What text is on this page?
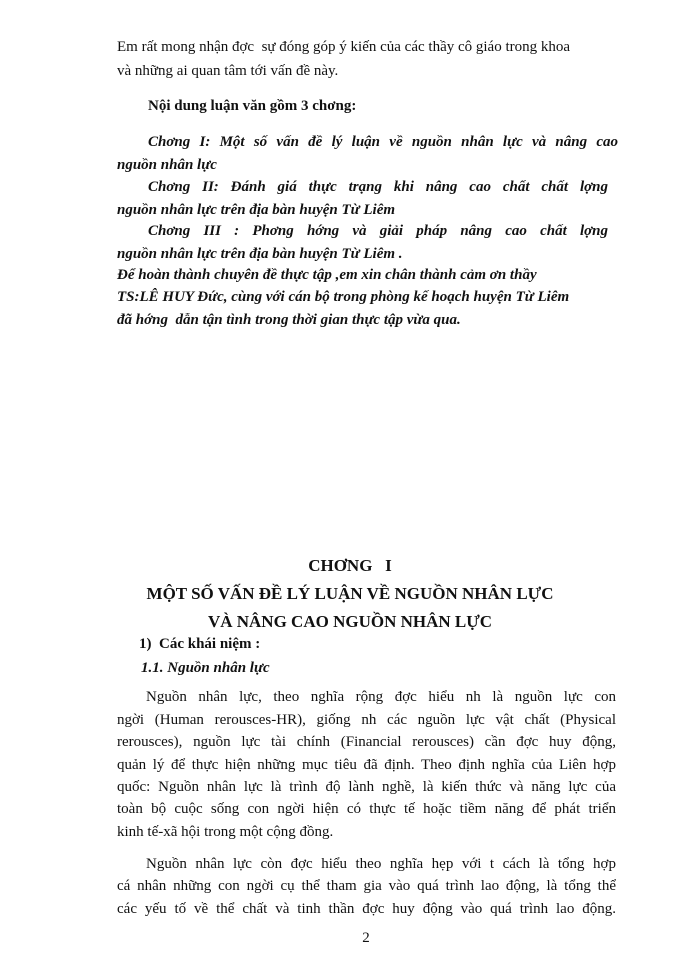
Em rất mong nhận đợc  sự đóng góp ý kiến của các thầy cô giáo trong khoa
và những ai quan tâm tới vấn đề này.
Nội dung luận văn gồm 3 chơng:
Chơng I: Một số vấn đề lý luận về nguồn nhân lực và nâng cao
nguồn nhân lực
Chơng II: Đánh giá thực trạng khi nâng cao chất chất lợng
nguồn nhân lực trên địa bàn huyện Từ Liêm
Chơng III : Phơng hớng và giải pháp nâng cao chất lợng
nguồn nhân lực trên địa bàn huyện Từ Liêm .
Để hoàn thành chuyên đề thực tập ,em xin chân thành cảm ơn thầy
TS:LÊ HUY Đức, cùng với cán bộ trong phòng kế hoạch huyện Từ Liêm
đã hớng  dẫn tận tình trong thời gian thực tập vừa qua.
CHƠNG   I
MỘT SỐ VẤN ĐỀ LÝ LUẬN VỀ NGUỒN NHÂN LỰC
VÀ NÂNG CAO NGUỒN NHÂN LỰC
1)  Các khái niệm :
1.1. Nguồn nhân lực
Nguồn nhân lực, theo nghĩa rộng đợc hiểu nh là nguồn lực con
ngời (Human rerousces-HR), giống nh các nguồn lực vật chất (Physical
rerousces), nguồn lực tài chính (Financial rerousces) cần đợc huy động,
quản lý để thực hiện những mục tiêu đã định. Theo định nghĩa của Liên hợp
quốc: Nguồn nhân lực là trình độ lành nghề, là kiến thức và năng lực của
toàn bộ cuộc sống con ngời hiện có thực tế hoặc tiềm năng để phát triển
kinh tế-xã hội trong một cộng đồng.
Nguồn nhân lực còn đợc hiểu theo nghĩa hẹp với t cách là tổng hợp
cá nhân những con ngời cụ thể tham gia vào quá trình lao động, là tổng thể
các yếu tố về thể chất và tinh thần đợc huy động vào quá trình lao động.
2
